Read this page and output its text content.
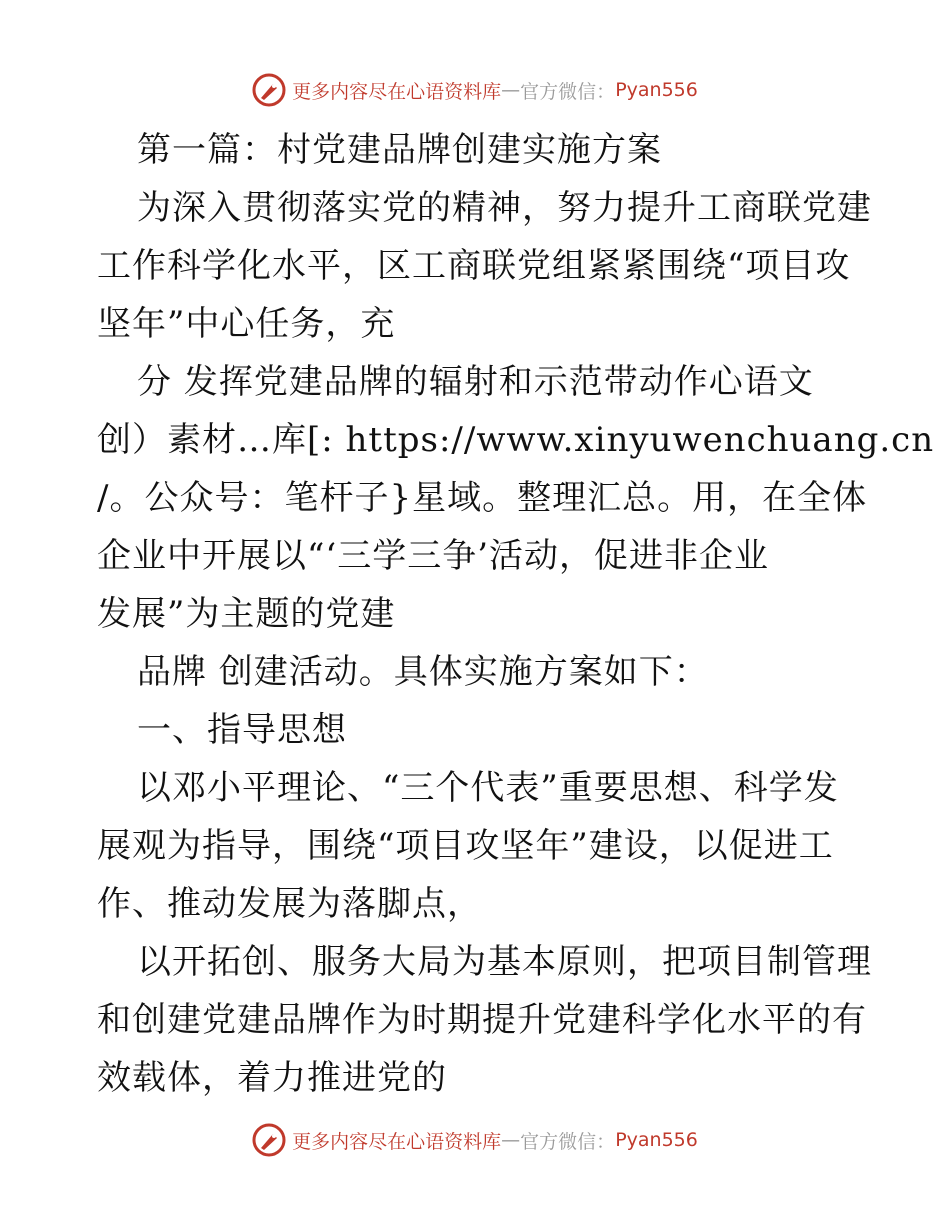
更多内容尽在心语资料库 — 官方微信： Pyan556
第一篇：村党建品牌创建实施方案
为深入贯彻落实党的精神，努力提升工商联党建
工作科学化水平，区工商联党组紧紧围绕“项目攻
坚年”中心任务，充
分 发挥党建品牌的辐射和示范带动作心语文
创）素材…库[: https://www.xinyuwenchuang.cn
/。公众号：笔杆子}星域。整理汇总。用，在全体
企业中开展以“‘三学三争’活动，促进非企业
发展”为主题的党建
品牌 创建活动。具体实施方案如下：
一、指导思想
以邓小平理论、“三个代表”重要思想、科学发
展观为指导，围绕“项目攻坚年”建设，以促进工
作、推动发展为落脚点，
以开拓创、服务大局为基本原则，把项目制管理
和创建党建品牌作为时期提升党建科学化水平的有
效载体，着力推进党的
更多内容尽在心语资料库 — 官方微信： Pyan556
